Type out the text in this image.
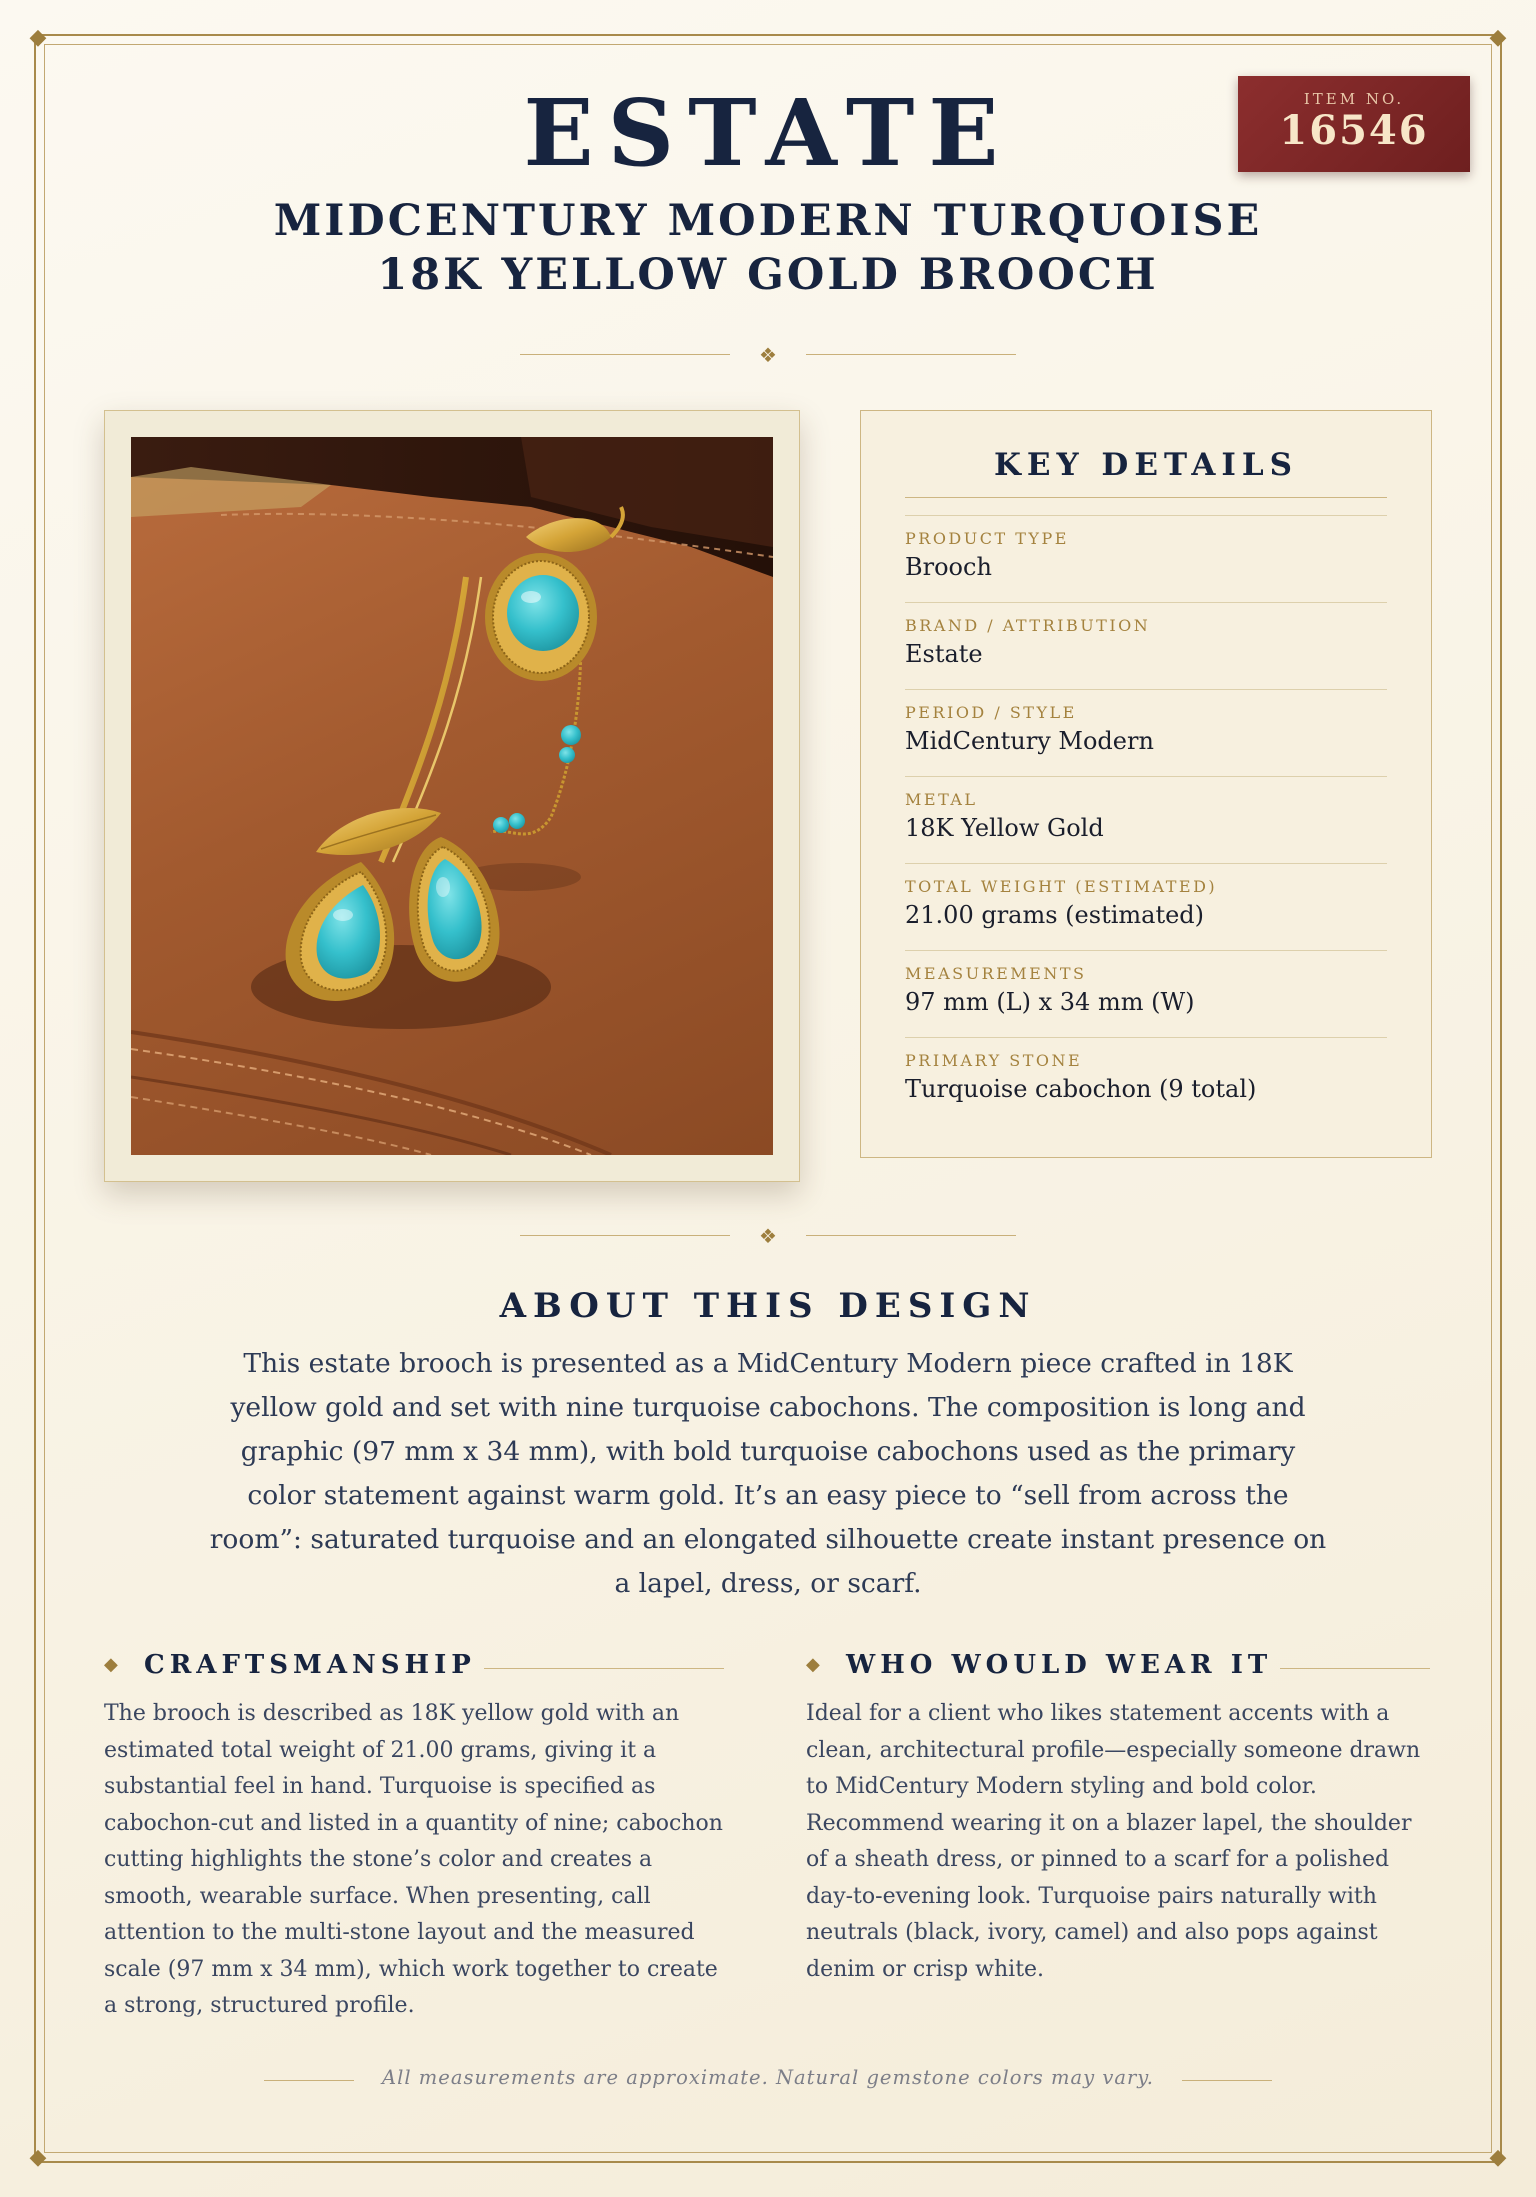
◆	◆
◆	◆
ESTATE	ITEM NO.
16546
MIDCENTURY MODERN TURQUOISE
18K YELLOW GOLD BROOCH
❖
KEY DETAILS
PRODUCT TYPE
Brooch
BRAND / ATTRIBUTION
Estate
PERIOD / STYLE
MidCentury Modern
METAL
18K Yellow Gold
TOTAL WEIGHT (ESTIMATED)
21.00 grams (estimated)
MEASUREMENTS
97 mm (L) x 34 mm (W)
PRIMARY STONE
Turquoise cabochon (9 total)
❖
ABOUT THIS DESIGN
This estate brooch is presented as a MidCentury Modern piece crafted in 18K yellow gold and set with nine turquoise cabochons. The composition is long and graphic (97 mm x 34 mm), with bold turquoise cabochons used as the primary color statement against warm gold. It’s an easy piece to “sell from across the room”: saturated turquoise and an elongated silhouette create instant presence on a lapel, dress, or scarf.
◆ CRAFTSMANSHIP
The brooch is described as 18K yellow gold with an estimated total weight of 21.00 grams, giving it a substantial feel in hand. Turquoise is specified as cabochon-cut and listed in a quantity of nine; cabochon cutting highlights the stone’s color and creates a smooth, wearable surface. When presenting, call attention to the multi-stone layout and the measured scale (97 mm x 34 mm), which work together to create a strong, structured profile.
◆ WHO WOULD WEAR IT
Ideal for a client who likes statement accents with a clean, architectural profile—especially someone drawn to MidCentury Modern styling and bold color. Recommend wearing it on a blazer lapel, the shoulder of a sheath dress, or pinned to a scarf for a polished day-to-evening look. Turquoise pairs naturally with neutrals (black, ivory, camel) and also pops against denim or crisp white.
All measurements are approximate. Natural gemstone colors may vary.
